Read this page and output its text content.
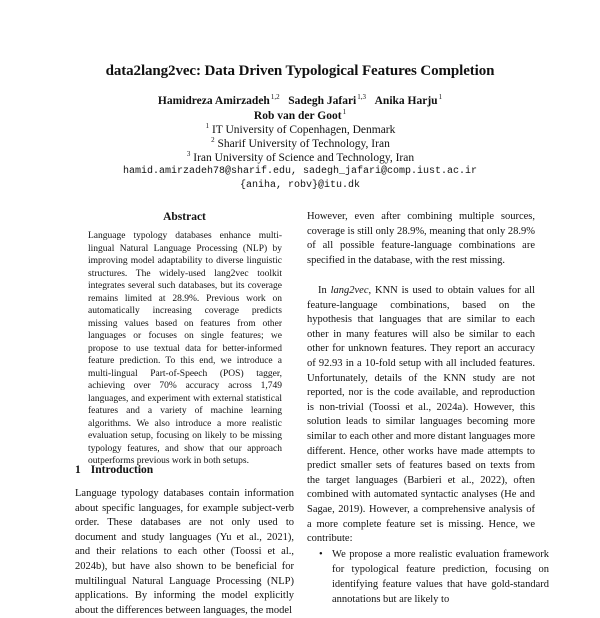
data2lang2vec: Data Driven Typological Features Completion
Hamidreza Amirzadeh$^{1,2}$ Sadegh Jafari$^{1,3}$ Anika Harju$^1$
Rob van der Goot$^1$
$^1$ IT University of Copenhagen, Denmark
$^2$ Sharif University of Technology, Iran
$^3$ Iran University of Science and Technology, Iran
hamid.amirzadeh78@sharif.edu, sadegh_jafari@comp.iust.ac.ir
{aniha, robv}@itu.dk
Abstract

Language typology databases enhance multi-lingual Natural Language Processing (NLP) by improving model adaptability to diverse linguistic structures. The widely-used lang2vec toolkit integrates several such databases, but its coverage remains limited at 28.9%. Previous work on automatically increasing coverage predicts missing values based on features from other languages or focuses on single features; we propose to use textual data for better-informed feature prediction. To this end, we introduce a multi-lingual Part-of-Speech (POS) tagger, achieving over 70% accuracy across 1,749 languages, and experiment with external statistical features and a variety of machine learning algorithms. We also introduce a more realistic evaluation setup, focusing on likely to be missing typology features, and show that our approach outperforms previous work in both setups.

1 Introduction

Language typology databases contain information about specific languages, for example subject-verb order. These databases are not only used to document and study languages (Yu et al., 2021), and their relations to each other (Toossi et al., 2024b), but have also shown to be beneficial for multilingual Natural Language Processing (NLP) applications. By informing the model explicitly about the differences between languages, the model

However, even after combining multiple sources, coverage is still only 28.9%, meaning that only 28.9% of all possible feature-language combinations are specified in the database, with the rest missing.

In lang2vec, KNN is used to obtain values for all feature-language combinations, based on the hypothesis that languages that are similar to each other in many features will also be similar to each other for unknown features. They report an accuracy of 92.93 in a 10-fold setup with all included features. Unfortunately, details of the KNN study are not reported, nor is the code available, and reproduction is non-trivial (Toossi et al., 2024a). However, this solution leads to similar languages becoming more similar to each other and more distant languages more different. Hence, other works have made attempts to predict smaller sets of features based on texts from the target languages (Barbieri et al., 2022), often combined with automated syntactic analyses (He and Sagae, 2019). However, a comprehensive analysis of a more complete feature set is missing. Hence, we contribute:

• We propose a more realistic evaluation framework for typological feature prediction, focusing on identifying feature values that have gold-standard annotations but are likely to
